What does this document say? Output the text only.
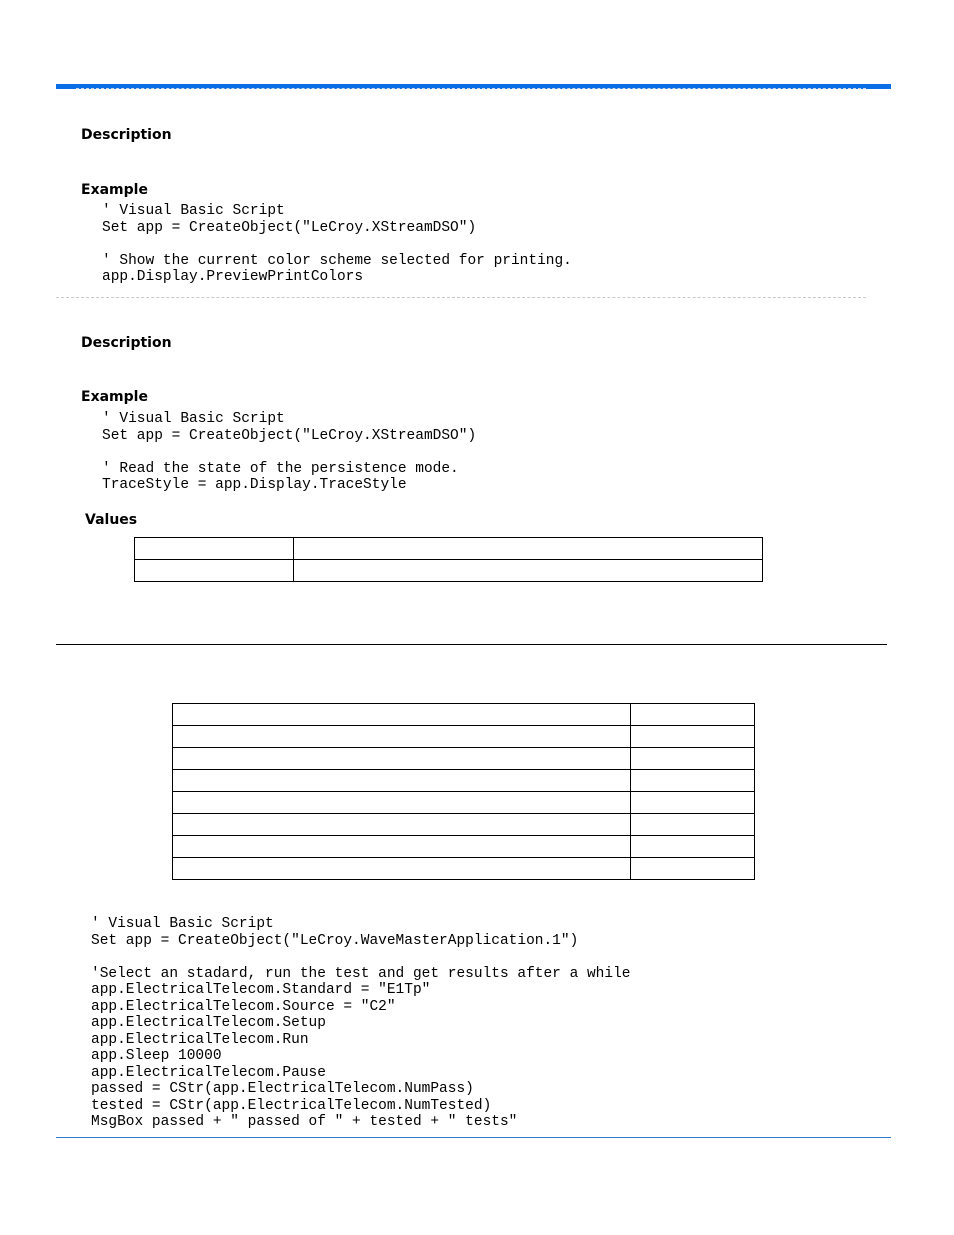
Description
Example
' Visual Basic Script
Set app = CreateObject("LeCroy.XStreamDSO")

' Show the current color scheme selected for printing.
app.Display.PreviewPrintColors
Description
Example
' Visual Basic Script
Set app = CreateObject("LeCroy.XStreamDSO")

' Read the state of the persistence mode.
TraceStyle = app.Display.TraceStyle
Values

' Visual Basic Script
Set app = CreateObject("LeCroy.WaveMasterApplication.1")

'Select an stadard, run the test and get results after a while
app.ElectricalTelecom.Standard = "E1Tp"
app.ElectricalTelecom.Source = "C2"
app.ElectricalTelecom.Setup
app.ElectricalTelecom.Run
app.Sleep 10000
app.ElectricalTelecom.Pause
passed = CStr(app.ElectricalTelecom.NumPass)
tested = CStr(app.ElectricalTelecom.NumTested)
MsgBox passed + " passed of " + tested + " tests"
